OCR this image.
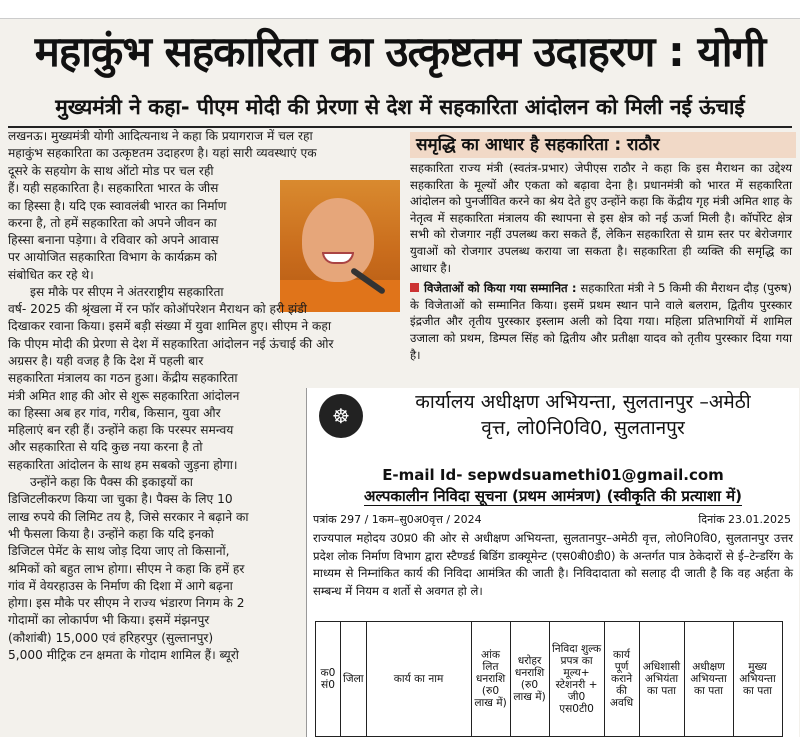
महाकुंभ सहकारिता का उत्कृष्टतम उदाहरण : योगी
मुख्यमंत्री ने कहा- पीएम मोदी की प्रेरणा से देश में सहकारिता आंदोलन को मिली नई ऊंचाई

लखनऊ। मुख्यमंत्री योगी आदित्यनाथ ने कहा कि प्रयागराज में चल रहा

महाकुंभ सहकारिता का उत्कृष्टतम उदाहरण है। यहां सारी व्यवस्थाएं एक

दूसरे के सहयोग के साथ ऑटो मोड पर चल रही

हैं। यही सहकारिता है। सहकारिता भारत के जीस

का हिस्सा है। यदि एक स्वावलंबी भारत का निर्माण

करना है, तो हमें सहकारिता को अपने जीवन का

हिस्सा बनाना पड़ेगा। वे रविवार को अपने आवास

पर आयोजित सहकारिता विभाग के कार्यक्रम को

संबोधित कर रहे थे।

इस मौके पर सीएम ने अंतरराष्ट्रीय सहकारिता

वर्ष- 2025 की श्रृंखला में रन फॉर कोऑपरेशन मैराथन को हरी झंडी

दिखाकर रवाना किया। इसमें बड़ी संख्या में युवा शामिल हुए। सीएम ने कहा

कि पीएम मोदी की प्रेरणा से देश में सहकारिता आंदोलन नई ऊंचाई की ओर

अग्रसर है। यही वजह है कि देश में पहली बार

सहकारिता मंत्रालय का गठन हुआ। केंद्रीय सहकारिता

मंत्री अमित शाह की ओर से शुरू सहकारिता आंदोलन

का हिस्सा अब हर गांव, गरीब, किसान, युवा और

महिलाएं बन रही हैं। उन्होंने कहा कि परस्पर समन्वय

और सहकारिता से यदि कुछ नया करना है तो

सहकारिता आंदोलन के साथ हम सबको जुड़ना होगा।

उन्होंने कहा कि पैक्स की इकाइयों का

डिजिटलीकरण किया जा चुका है। पैक्स के लिए 10

लाख रुपये की लिमिट तय है, जिसे सरकार ने बढ़ाने का

भी फैसला किया है। उन्होंने कहा कि यदि इनको

डिजिटल पेमेंट के साथ जोड़ दिया जाए तो किसानों,

श्रमिकों को बहुत लाभ होगा। सीएम ने कहा कि हमें हर

गांव में वेयरहाउस के निर्माण की दिशा में आगे बढ़ना

होगा। इस मौके पर सीएम ने राज्य भंडारण निगम के 2

गोदामों का लोकार्पण भी किया। इसमें मंझनपुर

(कौशांबी) 15,000 एवं हरिहरपुर (सुल्तानपुर)

5,000 मीट्रिक टन क्षमता के गोदाम शामिल हैं। ब्यूरो

समृद्धि का आधार है सहकारिता : राठौर

सहकारिता राज्य मंत्री (स्वतंत्र-प्रभार) जेपीएस राठौर ने कहा कि इस मैराथन का उद्देश्य सहकारिता के मूल्यों और एकता को बढ़ावा देना है। प्रधानमंत्री को भारत में सहकारिता आंदोलन को पुनर्जीवित करने का श्रेय देते हुए उन्होंने कहा कि केंद्रीय गृह मंत्री अमित शाह के नेतृत्व में सहकारिता मंत्रालय की स्थापना से इस क्षेत्र को नई ऊर्जा मिली है। कॉर्पोरेट क्षेत्र सभी को रोजगार नहीं उपलब्ध करा सकते हैं, लेकिन सहकारिता से ग्राम स्तर पर बेरोजगार युवाओं को रोजगार उपलब्ध कराया जा सकता है। सहकारिता ही व्यक्ति की समृद्धि का आधार है।

विजेताओं को किया गया सम्मानित : सहकारिता मंत्री ने 5 किमी की मैराथन दौड़ (पुरुष) के विजेताओं को सम्मानित किया। इसमें प्रथम स्थान पाने वाले बलराम, द्वितीय पुरस्कार इंद्रजीत और तृतीय पुरस्कार इस्लाम अली को दिया गया। महिला प्रतिभागियों में शामिल उजाला को प्रथम, डिम्पल सिंह को द्वितीय और प्रतीक्षा यादव को तृतीय पुरस्कार दिया गया है।

☸
कार्यालय अधीक्षण अभियन्ता, सुलतानपुर –अमेठी
वृत्त, लो0नि0वि0, सुलतानपुर
E-mail Id- sepwdsuamethi01@gmail.com
अल्पकालीन निविदा सूचना (प्रथम आमंत्रण) (स्वीकृति की प्रत्याशा में)
पत्रांक 297 / 1कम–सु0अ0वृत्त / 2024	दिनांक 23.01.2025
राज्यपाल महोदय उ0प्र0 की ओर से अधीक्षण अभियन्ता, सुलतानपुर–अमेठी वृत्त, लो0नि0वि0, सुलतानपुर उत्तर प्रदेश लोक निर्माण विभाग द्वारा स्टैण्डर्ड बिडिंग डाक्यूमेन्ट (एस0बी0डी0) के अन्तर्गत पात्र ठेकेदारों से ई–टेन्डरिंग के माध्यम से निम्नांकित कार्य की निविदा आमंत्रित की जाती है। निविदादाता को सलाह दी जाती है कि वह अर्हता के सम्बन्ध में नियम व शर्तो से अवगत हो ले।
क0 सं0	जिला	कार्य का नाम	आंक लित धनराशि (रु0 लाख में)	धरोहर धनराशि (रु0 लाख में)	निविदा शुल्क प्रपत्र का मूल्य+ स्टेशनरी + जी0 एस0टी0	कार्य पूर्ण कराने की अवधि	अधिशासी अभियंता का पता	अधीक्षण अभियन्ता का पता	मुख्य अभियन्ता का पता
